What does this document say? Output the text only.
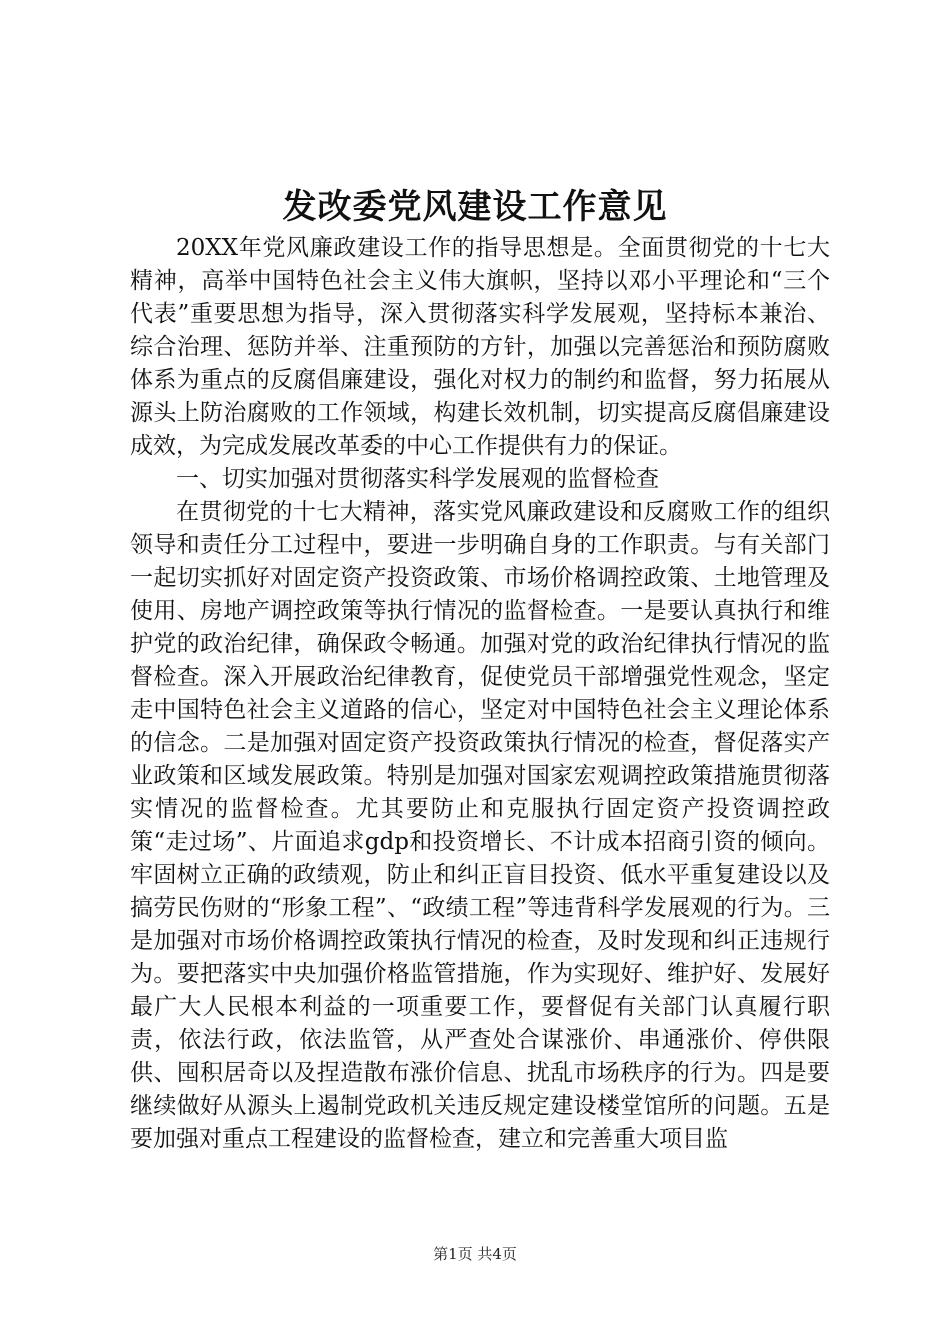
发改委党风建设工作意见

20XX年党风廉政建设工作的指导思想是。全面贯彻党的十七大精神，高举中国特色社会主义伟大旗帜，坚持以邓小平理论和“三个代表”重要思想为指导，深入贯彻落实科学发展观，坚持标本兼治、综合治理、惩防并举、注重预防的方针，加强以完善惩治和预防腐败体系为重点的反腐倡廉建设，强化对权力的制约和监督，努力拓展从源头上防治腐败的工作领域，构建长效机制，切实提高反腐倡廉建设成效，为完成发展改革委的中心工作提供有力的保证。

一、切实加强对贯彻落实科学发展观的监督检查

在贯彻党的十七大精神，落实党风廉政建设和反腐败工作的组织领导和责任分工过程中，要进一步明确自身的工作职责。与有关部门一起切实抓好对固定资产投资政策、市场价格调控政策、土地管理及使用、房地产调控政策等执行情况的监督检查。一是要认真执行和维护党的政治纪律，确保政令畅通。加强对党的政治纪律执行情况的监督检查。深入开展政治纪律教育，促使党员干部增强党性观念，坚定走中国特色社会主义道路的信心，坚定对中国特色社会主义理论体系的信念。二是加强对固定资产投资政策执行情况的检查，督促落实产业政策和区域发展政策。特别是加强对国家宏观调控政策措施贯彻落实情况的监督检查。尤其要防止和克服执行固定资产投资调控政策“走过场”、片面追求gdp和投资增长、不计成本招商引资的倾向。牢固树立正确的政绩观，防止和纠正盲目投资、低水平重复建设以及搞劳民伤财的“形象工程”、“政绩工程”等违背科学发展观的行为。三是加强对市场价格调控政策执行情况的检查，及时发现和纠正违规行为。要把落实中央加强价格监管措施，作为实现好、维护好、发展好最广大人民根本利益的一项重要工作，要督促有关部门认真履行职责，依法行政，依法监管，从严查处合谋涨价、串通涨价、停供限供、囤积居奇以及捏造散布涨价信息、扰乱市场秩序的行为。四是要继续做好从源头上遏制党政机关违反规定建设楼堂馆所的问题。五是要加强对重点工程建设的监督检查，建立和完善重大项目监

第1页 共4页
